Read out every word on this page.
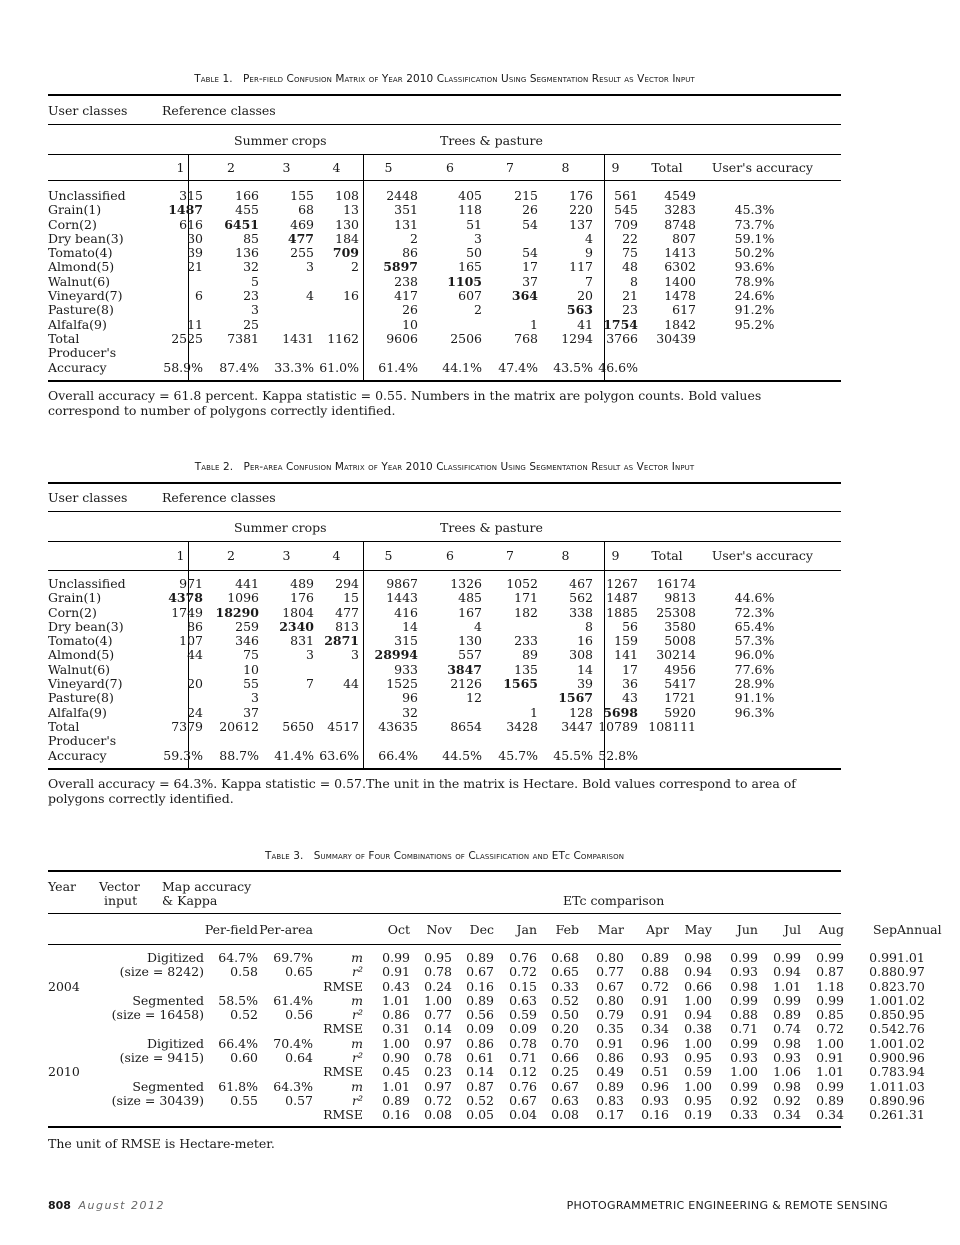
Table 1. Per-field Confusion Matrix of Year 2010 Classification Using Segmentation Result as Vector Input
User classes	Reference classes
Summer crops	Trees & pasture
	1	2	3	4	5	6	7	8	9	Total	User's accuracy
Unclassified	315	166	155	108	2448	405	215	176	561	4549	
Grain(1)	1487	455	68	13	351	118	26	220	545	3283	45.3%
Corn(2)	616	6451	469	130	131	51	54	137	709	8748	73.7%
Dry bean(3)	30	85	477	184	2	3		4	22	807	59.1%
Tomato(4)	39	136	255	709	86	50	54	9	75	1413	50.2%
Almond(5)	21	32	3	2	5897	165	17	117	48	6302	93.6%
Walnut(6)		5			238	1105	37	7	8	1400	78.9%
Vineyard(7)	6	23	4	16	417	607	364	20	21	1478	24.6%
Pasture(8)		3			26	2		563	23	617	91.2%
Alfalfa(9)	11	25			10		1	41	1754	1842	95.2%
Total	2525	7381	1431	1162	9606	2506	768	1294	3766	30439	
Producer's											
Accuracy	58.9%	87.4%	33.3%	61.0%	61.4%	44.1%	47.4%	43.5%	46.6%		
Overall accuracy = 61.8 percent. Kappa statistic = 0.55. Numbers in the matrix are polygon counts. Bold values correspond to number of polygons correctly identified.
Table 2. Per-area Confusion Matrix of Year 2010 Classification Using Segmentation Result as Vector Input
User classes	Reference classes
Summer crops	Trees & pasture
	1	2	3	4	5	6	7	8	9	Total	User's accuracy
Unclassified	971	441	489	294	9867	1326	1052	467	1267	16174	
Grain(1)	4378	1096	176	15	1443	485	171	562	1487	9813	44.6%
Corn(2)	1749	18290	1804	477	416	167	182	338	1885	25308	72.3%
Dry bean(3)	86	259	2340	813	14	4		8	56	3580	65.4%
Tomato(4)	107	346	831	2871	315	130	233	16	159	5008	57.3%
Almond(5)	44	75	3	3	28994	557	89	308	141	30214	96.0%
Walnut(6)		10			933	3847	135	14	17	4956	77.6%
Vineyard(7)	20	55	7	44	1525	2126	1565	39	36	5417	28.9%
Pasture(8)		3			96	12		1567	43	1721	91.1%
Alfalfa(9)	24	37			32		1	128	5698	5920	96.3%
Total	7379	20612	5650	4517	43635	8654	3428	3447	10789	108111	
Producer's											
Accuracy	59.3%	88.7%	41.4%	63.6%	66.4%	44.5%	45.7%	45.5%	52.8%		
Overall accuracy = 64.3%. Kappa statistic = 0.57.The unit in the matrix is Hectare. Bold values correspond to area of polygons correctly identified.
Table 3. Summary of Four Combinations of Classification and ETc Comparison
Year Vector
input
Map accuracy
& Kappa	ETc comparison
		Per-field	Per-area		Oct	Nov	Dec	Jan	Feb	Mar	Apr	May	Jun	Jul	Aug	Sep	Annual
	Digitized	64.7%	69.7%	m	0.99	0.95	0.89	0.76	0.68	0.80	0.89	0.98	0.99	0.99	0.99	0.99	1.01
	(size = 8242)	0.58	0.65	r²	0.91	0.78	0.67	0.72	0.65	0.77	0.88	0.94	0.93	0.94	0.87	0.88	0.97
2004				RMSE	0.43	0.24	0.16	0.15	0.33	0.67	0.72	0.66	0.98	1.01	1.18	0.82	3.70
	Segmented	58.5%	61.4%	m	1.01	1.00	0.89	0.63	0.52	0.80	0.91	1.00	0.99	0.99	0.99	1.00	1.02
	(size = 16458)	0.52	0.56	r²	0.86	0.77	0.56	0.59	0.50	0.79	0.91	0.94	0.88	0.89	0.85	0.85	0.95
				RMSE	0.31	0.14	0.09	0.09	0.20	0.35	0.34	0.38	0.71	0.74	0.72	0.54	2.76
	Digitized	66.4%	70.4%	m	1.00	0.97	0.86	0.78	0.70	0.91	0.96	1.00	0.99	0.98	1.00	1.00	1.02
	(size = 9415)	0.60	0.64	r²	0.90	0.78	0.61	0.71	0.66	0.86	0.93	0.95	0.93	0.93	0.91	0.90	0.96
2010				RMSE	0.45	0.23	0.14	0.12	0.25	0.49	0.51	0.59	1.00	1.06	1.01	0.78	3.94
	Segmented	61.8%	64.3%	m	1.01	0.97	0.87	0.76	0.67	0.89	0.96	1.00	0.99	0.98	0.99	1.01	1.03
	(size = 30439)	0.55	0.57	r²	0.89	0.72	0.52	0.67	0.63	0.83	0.93	0.95	0.92	0.92	0.89	0.89	0.96
				RMSE	0.16	0.08	0.05	0.04	0.08	0.17	0.16	0.19	0.33	0.34	0.34	0.26	1.31
The unit of RMSE is Hectare-meter.
808 August 2012	PHOTOGRAMMETRIC ENGINEERING & REMOTE SENSING
